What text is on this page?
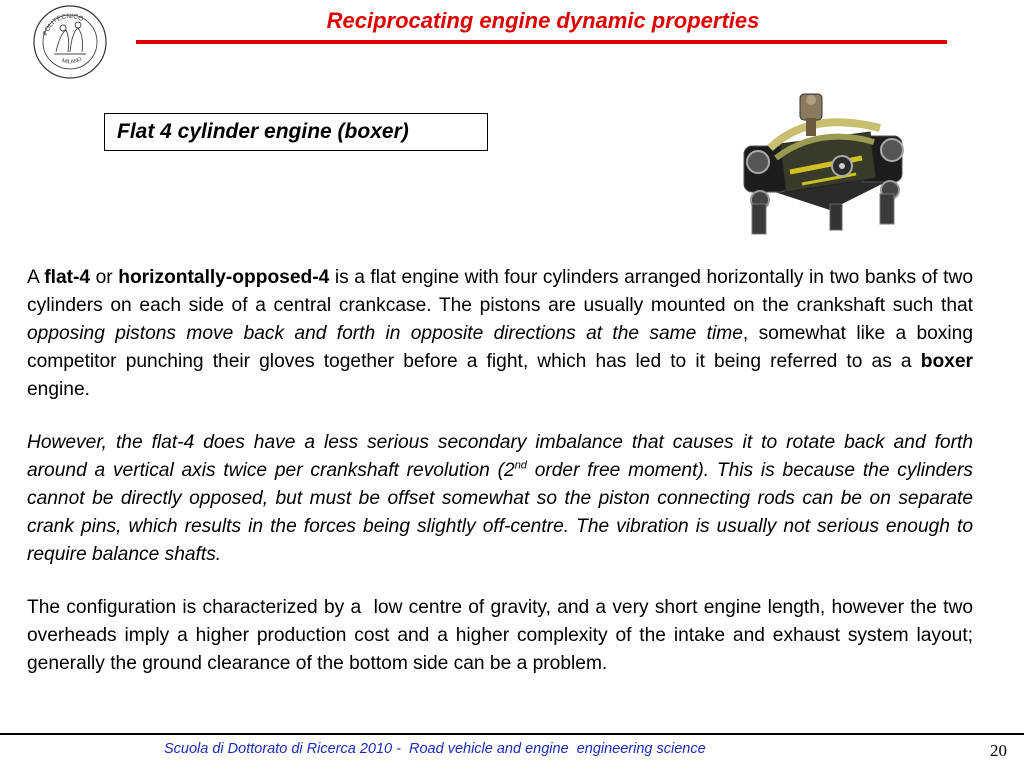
POLITECNICO
MILANO
Reciprocating engine dynamic properties
Flat 4 cylinder engine (boxer)

A flat-4 or horizontally-opposed-4 is a flat engine with four cylinders arranged horizontally in two banks of two cylinders on each side of a central crankcase. The pistons are usually mounted on the crankshaft such that opposing pistons move back and forth in opposite directions at the same time, somewhat like a boxing competitor punching their gloves together before a fight, which has led to it being referred to as a boxer engine.

However, the flat-4 does have a less serious secondary imbalance that causes it to rotate back and forth around a vertical axis twice per crankshaft revolution (2nd order free moment). This is because the cylinders cannot be directly opposed, but must be offset somewhat so the piston connecting rods can be on separate crank pins, which results in the forces being slightly off-centre. The vibration is usually not serious enough to require balance shafts.

The configuration is characterized by a  low centre of gravity, and a very short engine length, however the two overheads imply a higher production cost and a higher complexity of the intake and exhaust system layout; generally the ground clearance of the bottom side can be a problem.

Scuola di Dottorato di Ricerca 2010 -  Road vehicle and engine  engineering science	20
